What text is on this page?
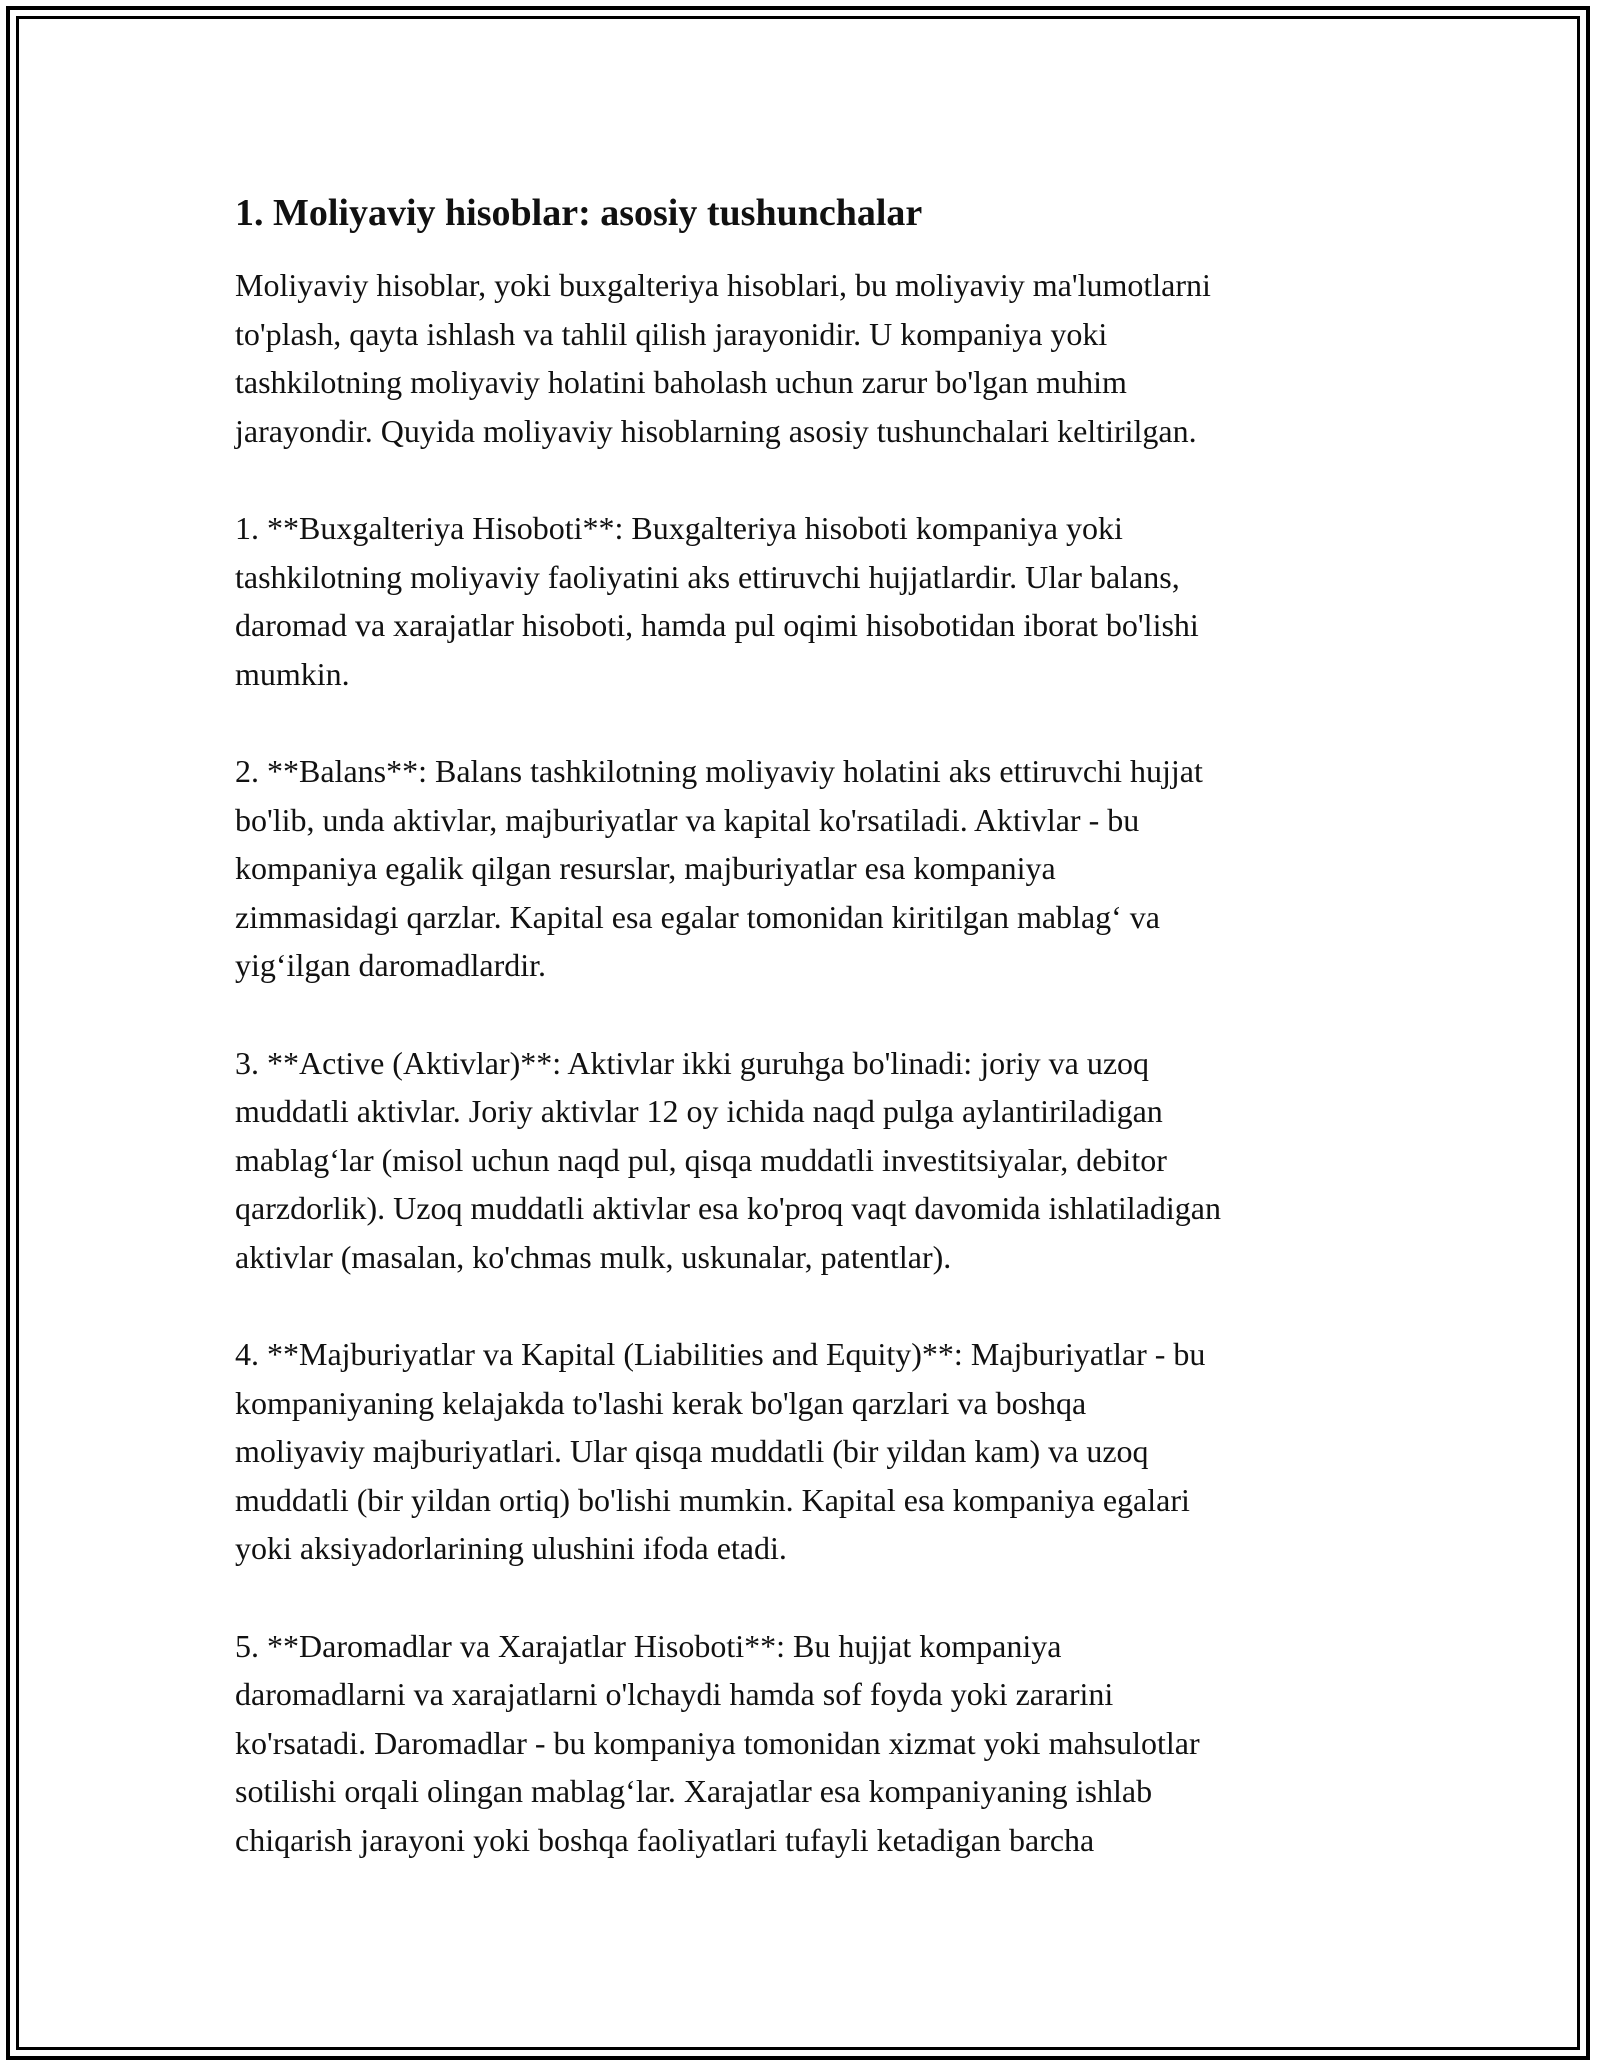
1. Moliyaviy hisoblar: asosiy tushunchalar

Moliyaviy hisoblar, yoki buxgalteriya hisoblari, bu moliyaviy ma'lumotlarni
to'plash, qayta ishlash va tahlil qilish jarayonidir. U kompaniya yoki
tashkilotning moliyaviy holatini baholash uchun zarur bo'lgan muhim
jarayondir. Quyida moliyaviy hisoblarning asosiy tushunchalari keltirilgan.

1. **Buxgalteriya Hisoboti**: Buxgalteriya hisoboti kompaniya yoki
tashkilotning moliyaviy faoliyatini aks ettiruvchi hujjatlardir. Ular balans,
daromad va xarajatlar hisoboti, hamda pul oqimi hisobotidan iborat bo'lishi
mumkin.

2. **Balans**: Balans tashkilotning moliyaviy holatini aks ettiruvchi hujjat
bo'lib, unda aktivlar, majburiyatlar va kapital ko'rsatiladi. Aktivlar - bu
kompaniya egalik qilgan resurslar, majburiyatlar esa kompaniya
zimmasidagi qarzlar. Kapital esa egalar tomonidan kiritilgan mablag‘ va
yig‘ilgan daromadlardir.

3. **Active (Aktivlar)**: Aktivlar ikki guruhga bo'linadi: joriy va uzoq
muddatli aktivlar. Joriy aktivlar 12 oy ichida naqd pulga aylantiriladigan
mablag‘lar (misol uchun naqd pul, qisqa muddatli investitsiyalar, debitor
qarzdorlik). Uzoq muddatli aktivlar esa ko'proq vaqt davomida ishlatiladigan
aktivlar (masalan, ko'chmas mulk, uskunalar, patentlar).

4. **Majburiyatlar va Kapital (Liabilities and Equity)**: Majburiyatlar - bu
kompaniyaning kelajakda to'lashi kerak bo'lgan qarzlari va boshqa
moliyaviy majburiyatlari. Ular qisqa muddatli (bir yildan kam) va uzoq
muddatli (bir yildan ortiq) bo'lishi mumkin. Kapital esa kompaniya egalari
yoki aksiyadorlarining ulushini ifoda etadi.

5. **Daromadlar va Xarajatlar Hisoboti**: Bu hujjat kompaniya
daromadlarni va xarajatlarni o'lchaydi hamda sof foyda yoki zararini
ko'rsatadi. Daromadlar - bu kompaniya tomonidan xizmat yoki mahsulotlar
sotilishi orqali olingan mablag‘lar. Xarajatlar esa kompaniyaning ishlab
chiqarish jarayoni yoki boshqa faoliyatlari tufayli ketadigan barcha
